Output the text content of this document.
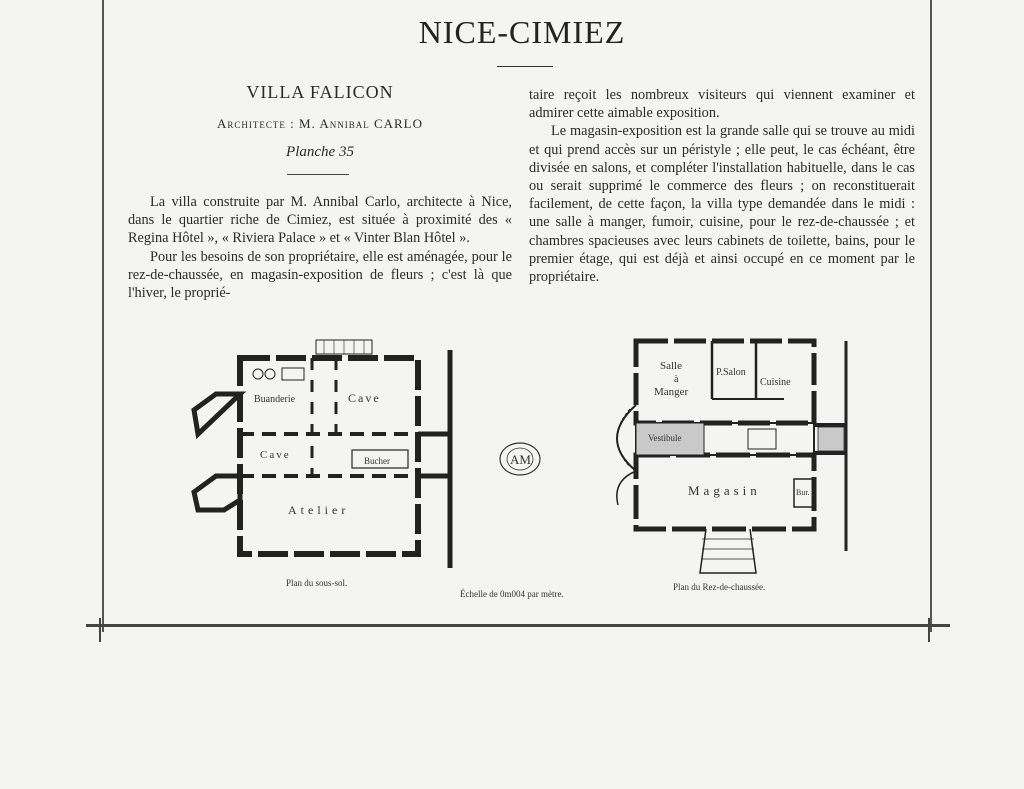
NICE-CIMIEZ
VILLA FALICON
Architecte : M. Annibal CARLO
Planche 35

La villa construite par M. Annibal Carlo, architecte à Nice, dans le quartier riche de Cimiez, est située à proximité des « Regina Hôtel », « Riviera Palace » et « Vinter Blan Hôtel ».

Pour les besoins de son propriétaire, elle est aménagée, pour le rez-de-chaussée, en magasin-exposition de fleurs ; c'est là que l'hiver, le proprié-

taire reçoit les nombreux visiteurs qui viennent examiner et admirer cette aimable exposition.

Le magasin-exposition est la grande salle qui se trouve au midi et qui prend accès sur un péristyle ; elle peut, le cas échéant, être divisée en salons, et compléter l'installation habituelle, dans le cas ou serait supprimé le commerce des fleurs ; on reconstituerait facilement, de cette façon, la villa type demandée dans le midi : une salle à manger, fumoir, cuisine, pour le rez-de-chaussée ; et chambres spacieuses avec leurs cabinets de toilette, bains, pour le premier étage, qui est déjà et ainsi occupé en ce moment par le propriétaire.

Buanderie	Cave
Cave	Bucher
Atelier
Plan du sous-sol.
AM
Échelle de 0m004 par mètre.
Salle
à
Manger
P.Salon
Cuisine
Vestibule
Magasin	Bur.
Plan du Rez-de-chaussée.
